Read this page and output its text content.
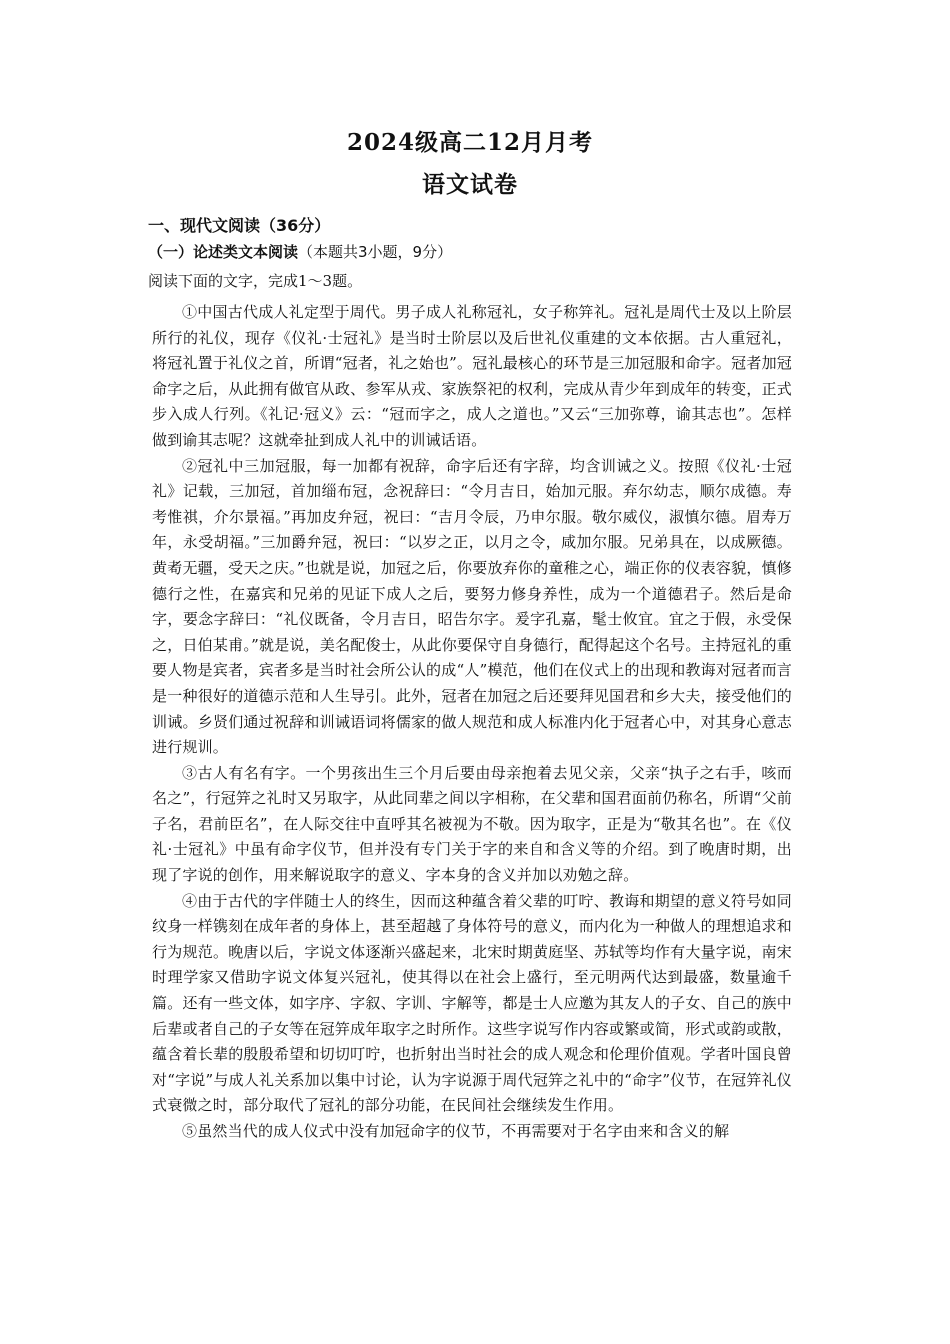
2024级高二12月月考
语文试卷
一、现代文阅读（36分）
（一）论述类文本阅读（本题共3小题，9分）
阅读下面的文字，完成1～3题。

①中国古代成人礼定型于周代。男子成人礼称冠礼，女子称笄礼。冠礼是周代士及以上阶层所行的礼仪，现存《仪礼·士冠礼》是当时士阶层以及后世礼仪重建的文本依据。古人重冠礼，将冠礼置于礼仪之首，所谓“冠者，礼之始也”。冠礼最核心的环节是三加冠服和命字。冠者加冠命字之后，从此拥有做官从政、参军从戎、家族祭祀的权利，完成从青少年到成年的转变，正式步入成人行列。《礼记·冠义》云：“冠而字之，成人之道也。”又云“三加弥尊，谕其志也”。怎样做到谕其志呢？这就牵扯到成人礼中的训诫话语。

②冠礼中三加冠服，每一加都有祝辞，命字后还有字辞，均含训诫之义。按照《仪礼·士冠礼》记载，三加冠，首加缁布冠，念祝辞曰：“令月吉日，始加元服。弃尔幼志，顺尔成德。寿考惟祺，介尔景福。”再加皮弁冠，祝曰：“吉月令辰，乃申尔服。敬尔威仪，淑慎尔德。眉寿万年，永受胡福。”三加爵弁冠，祝曰：“以岁之正，以月之令，咸加尔服。兄弟具在，以成厥德。黄耇无疆，受天之庆。”也就是说，加冠之后，你要放弃你的童稚之心，端正你的仪表容貌，慎修德行之性，在嘉宾和兄弟的见证下成人之后，要努力修身养性，成为一个道德君子。然后是命字，要念字辞曰：“礼仪既备，令月吉日，昭告尔字。爰字孔嘉，髦士攸宜。宜之于假，永受保之，日伯某甫。”就是说，美名配俊士，从此你要保守自身德行，配得起这个名号。主持冠礼的重要人物是宾者，宾者多是当时社会所公认的成“人”模范，他们在仪式上的出现和教诲对冠者而言是一种很好的道德示范和人生导引。此外，冠者在加冠之后还要拜见国君和乡大夫，接受他们的训诫。乡贤们通过祝辞和训诫语词将儒家的做人规范和成人标准内化于冠者心中，对其身心意志进行规训。

③古人有名有字。一个男孩出生三个月后要由母亲抱着去见父亲，父亲“执子之右手，咳而名之”，行冠笄之礼时又另取字，从此同辈之间以字相称，在父辈和国君面前仍称名，所谓“父前子名，君前臣名”，在人际交往中直呼其名被视为不敬。因为取字，正是为“敬其名也”。在《仪礼·士冠礼》中虽有命字仪节，但并没有专门关于字的来自和含义等的介绍。到了晚唐时期，出现了字说的创作，用来解说取字的意义、字本身的含义并加以劝勉之辞。

④由于古代的字伴随士人的终生，因而这种蕴含着父辈的叮咛、教诲和期望的意义符号如同纹身一样镌刻在成年者的身体上，甚至超越了身体符号的意义，而内化为一种做人的理想追求和行为规范。晚唐以后，字说文体逐渐兴盛起来，北宋时期黄庭坚、苏轼等均作有大量字说，南宋时理学家又借助字说文体复兴冠礼，使其得以在社会上盛行，至元明两代达到最盛，数量逾千篇。还有一些文体，如字序、字叙、字训、字解等，都是士人应邀为其友人的子女、自己的族中后辈或者自己的子女等在冠笄成年取字之时所作。这些字说写作内容或繁或简，形式或韵或散，蕴含着长辈的殷殷希望和切切叮咛，也折射出当时社会的成人观念和伦理价值观。学者叶国良曾对“字说”与成人礼关系加以集中讨论，认为字说源于周代冠笄之礼中的“命字”仪节，在冠笄礼仪式衰微之时，部分取代了冠礼的部分功能，在民间社会继续发生作用。

⑤虽然当代的成人仪式中没有加冠命字的仪节，不再需要对于名字由来和含义的解
